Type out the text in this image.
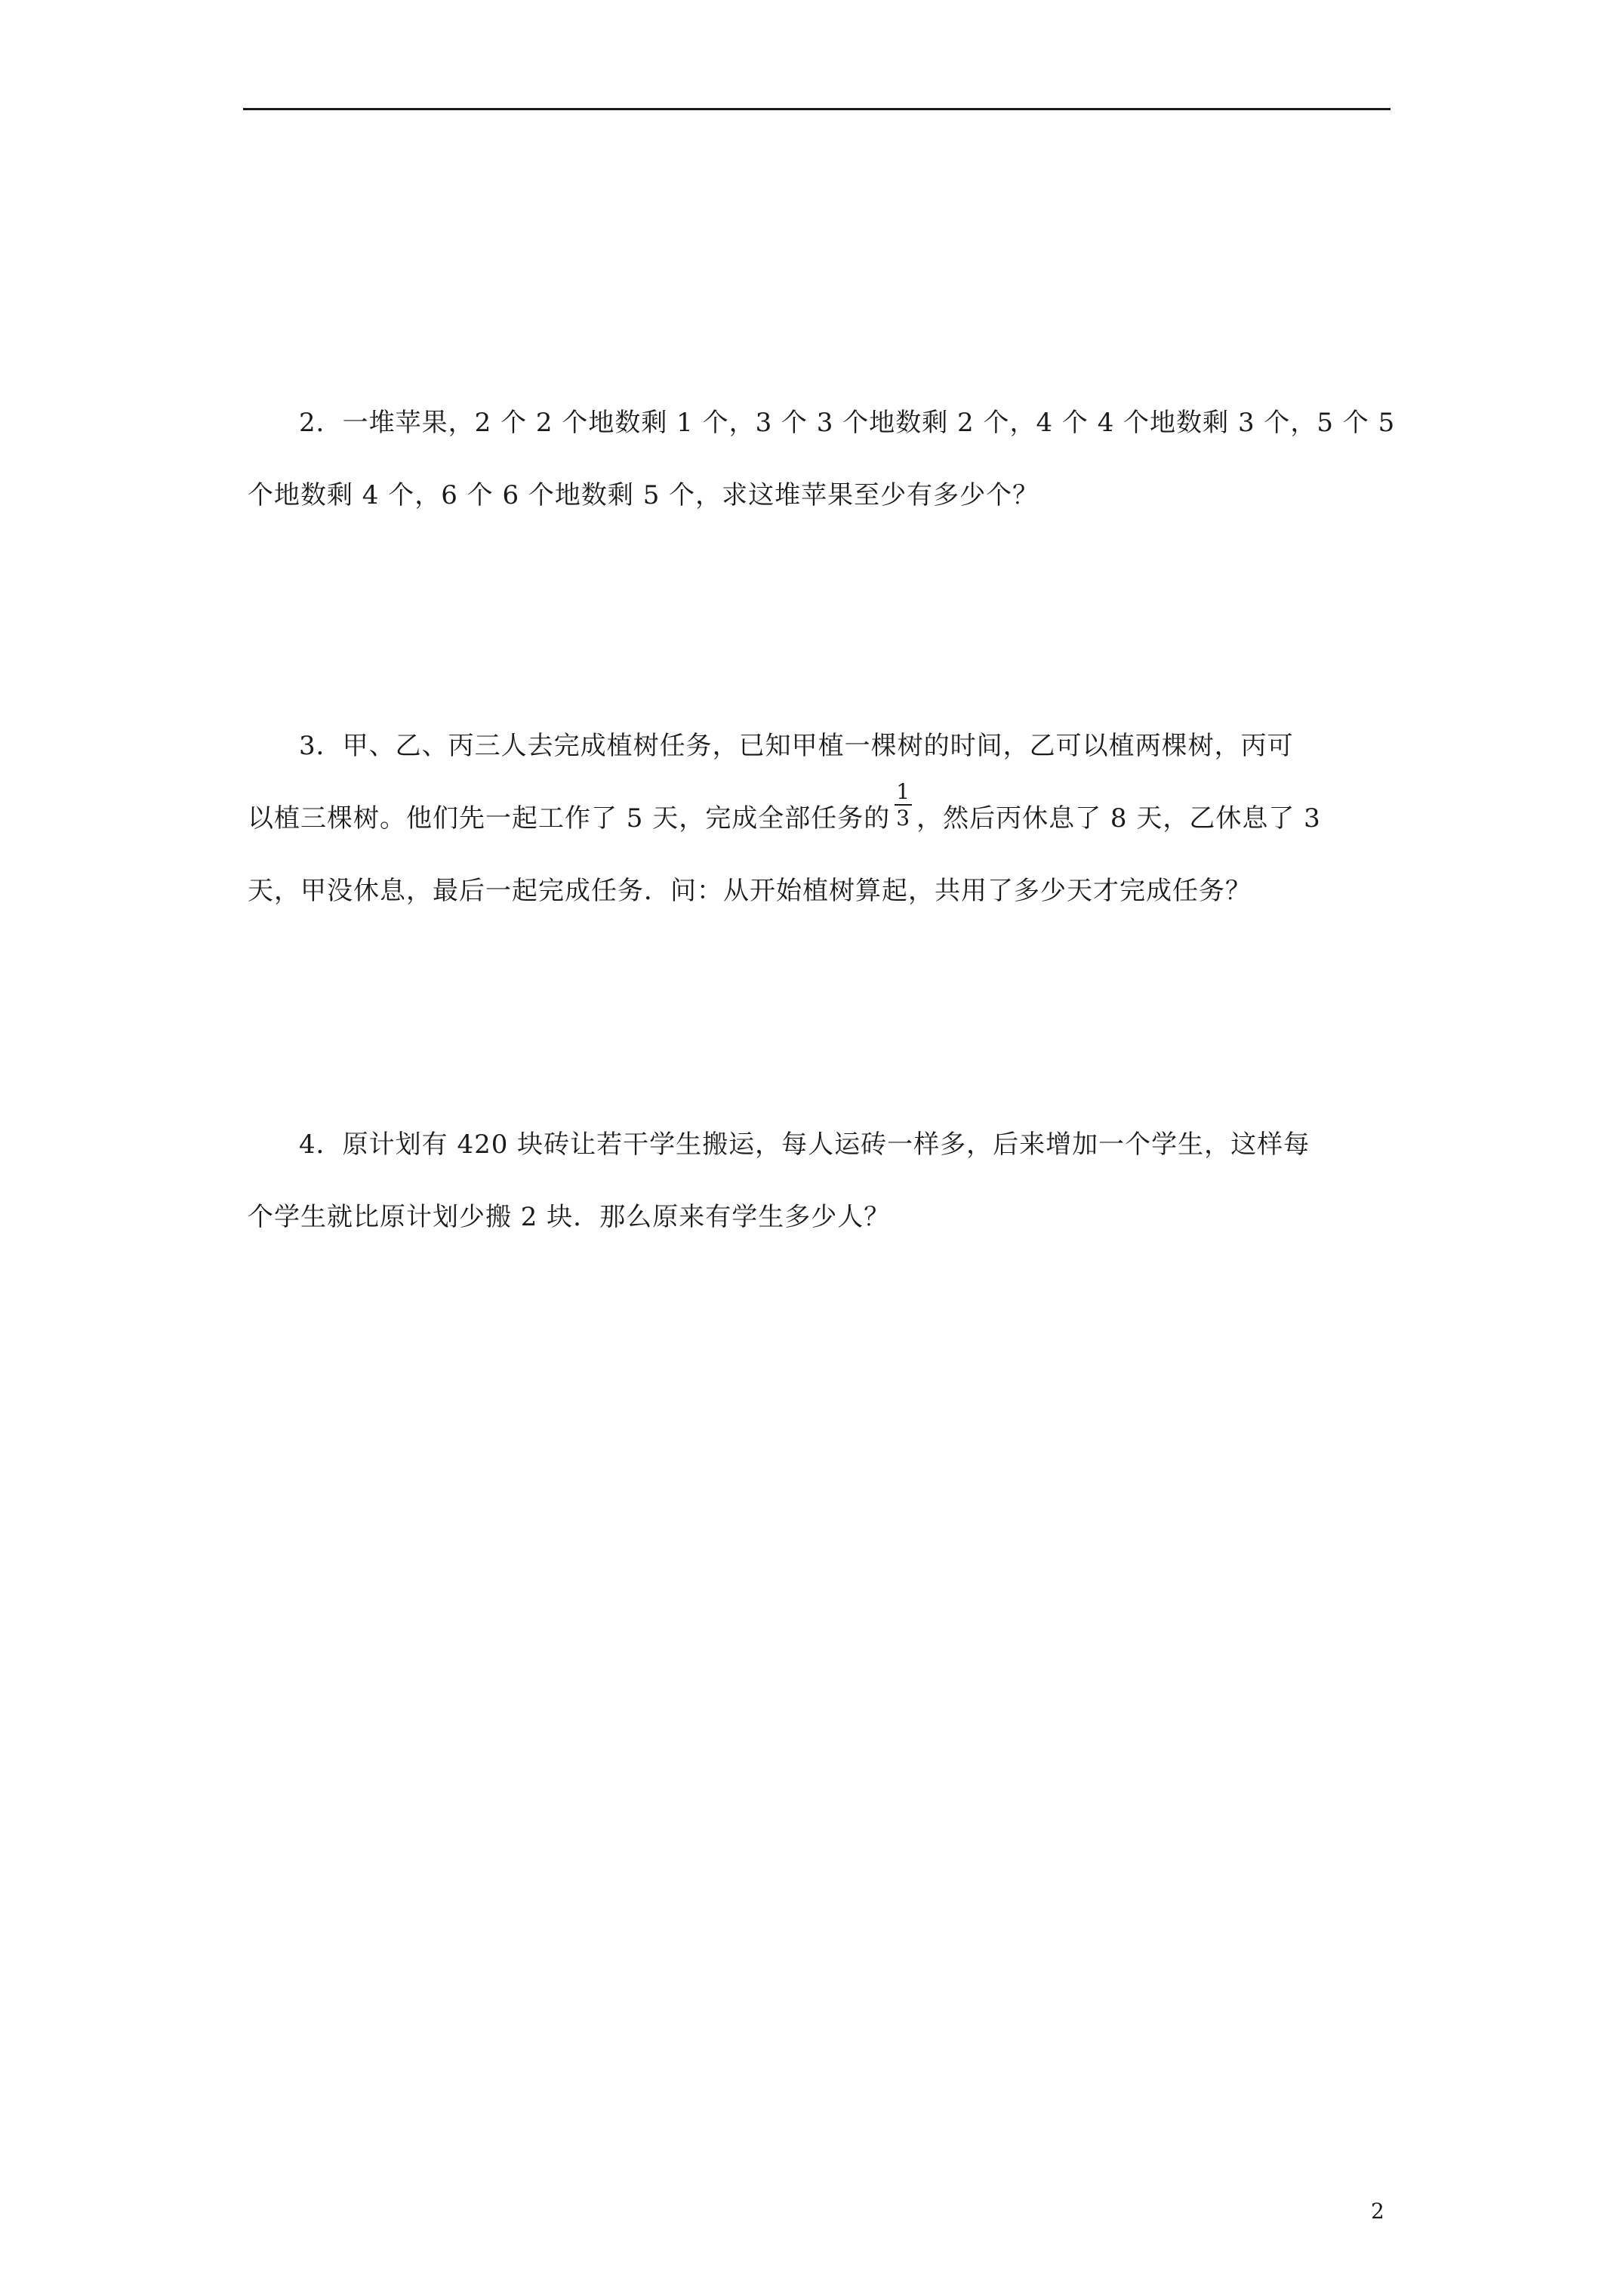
2．一堆苹果，2 个 2 个地数剩 1 个，3 个 3 个地数剩 2 个，4 个 4 个地数剩 3 个，5 个 5
个地数剩 4 个，6 个 6 个地数剩 5 个，求这堆苹果至少有多少个？
3．甲、乙、丙三人去完成植树任务，已知甲植一棵树的时间，乙可以植两棵树，丙可
以植三棵树。他们先一起工作了 5 天，完成全部任务的 $\frac{1}{3}$ ，然后丙休息了 8 天，乙休息了 3
天，甲没休息，最后一起完成任务．问：从开始植树算起，共用了多少天才完成任务？
4．原计划有 420 块砖让若干学生搬运，每人运砖一样多，后来增加一个学生，这样每
个学生就比原计划少搬 2 块．那么原来有学生多少人？
2
